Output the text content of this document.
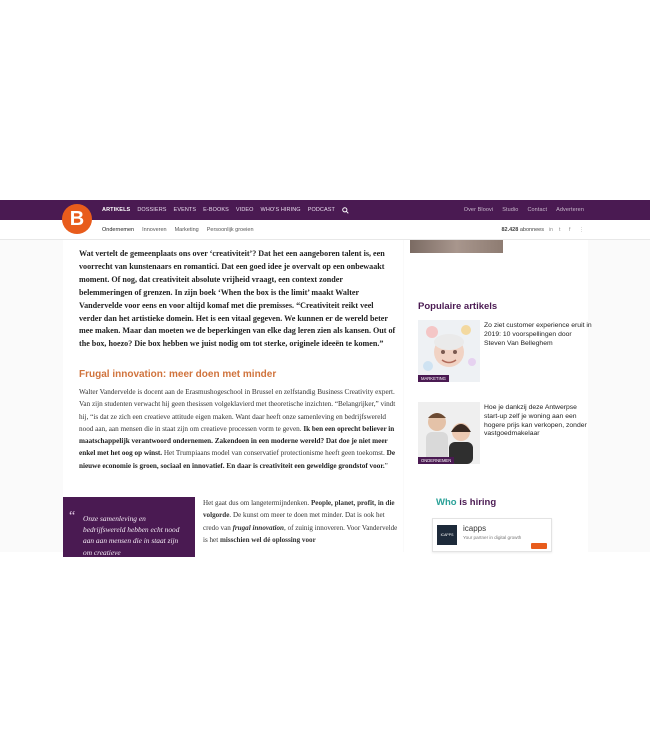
ARTIKELS DOSSIERS EVENTS E-BOOKS VIDEO WHO'S HIRING PODCAST	Over Bloovi Studio Contact Adverteren
B	Ondernemen Innoveren Marketing Persoonlijk groeien	82.428 abonnees in t	f	⋮

Wat vertelt de gemeenplaats ons over ‘creativiteit’? Dat het een aangeboren talent is, een voorrecht van kunstenaars en romantici. Dat een goed idee je overvalt op een onbewaakt moment. Of nog, dat creativiteit absolute vrijheid vraagt, een context zonder belemmeringen of grenzen. In zijn boek ‘When the box is the limit’ maakt Walter Vandervelde voor eens en voor altijd komaf met die premisses. “Creativiteit reikt veel verder dan het artistieke domein. Het is een vitaal gegeven. We kunnen er de wereld beter mee maken. Maar dan moeten we de beperkingen van elke dag leren zien als kansen. Out of the box, hoezo? Die box hebben we juist nodig om tot sterke, originele ideeën te komen.”

Frugal innovation: meer doen met minder

Walter Vandervelde is docent aan de Erasmushogeschool in Brussel en zelfstandig Business Creativity expert. Van zijn studenten verwacht hij geen thesissen volgeklavierd met theoretische inzichten. “Belangrijker,” vindt hij, “is dat ze zich een creatieve attitude eigen maken. Want daar heeft onze samenleving en bedrijfswereld nood aan, aan mensen die in staat zijn om creatieve processen vorm te geven. Ik ben een oprecht believer in maatschappelijk verantwoord ondernemen. Zakendoen in een moderne wereld? Dat doe je niet meer enkel met het oog op winst. Het Trumpiaans model van conservatief protectionisme heeft geen toekomst. De nieuwe economie is groen, sociaal en innovatief. En daar is creativiteit een geweldige grondstof voor.”

“ Onze samenleving en bedrijfswereld hebben echt nood aan aan mensen die in staat zijn om creatieve

Het gaat dus om langetermijndenken. People, planet, profit, in die volgorde. De kunst om meer te doen met minder. Dat is ook het credo van frugal innovation, of zuinig innoveren. Voor Vandervelde is het misschien wel dé oplossing voor

Populaire artikels
MARKETING

Zo ziet customer experience eruit in 2019: 10 voorspellingen door Steven Van Belleghem

ONDERNEMEN

Hoe je dankzij deze Antwerpse start-up zelf je woning aan een hogere prijs kan verkopen, zonder vastgoedmakelaar

Who is hiring
ICAPPS
icapps
Your partner in digital growth
